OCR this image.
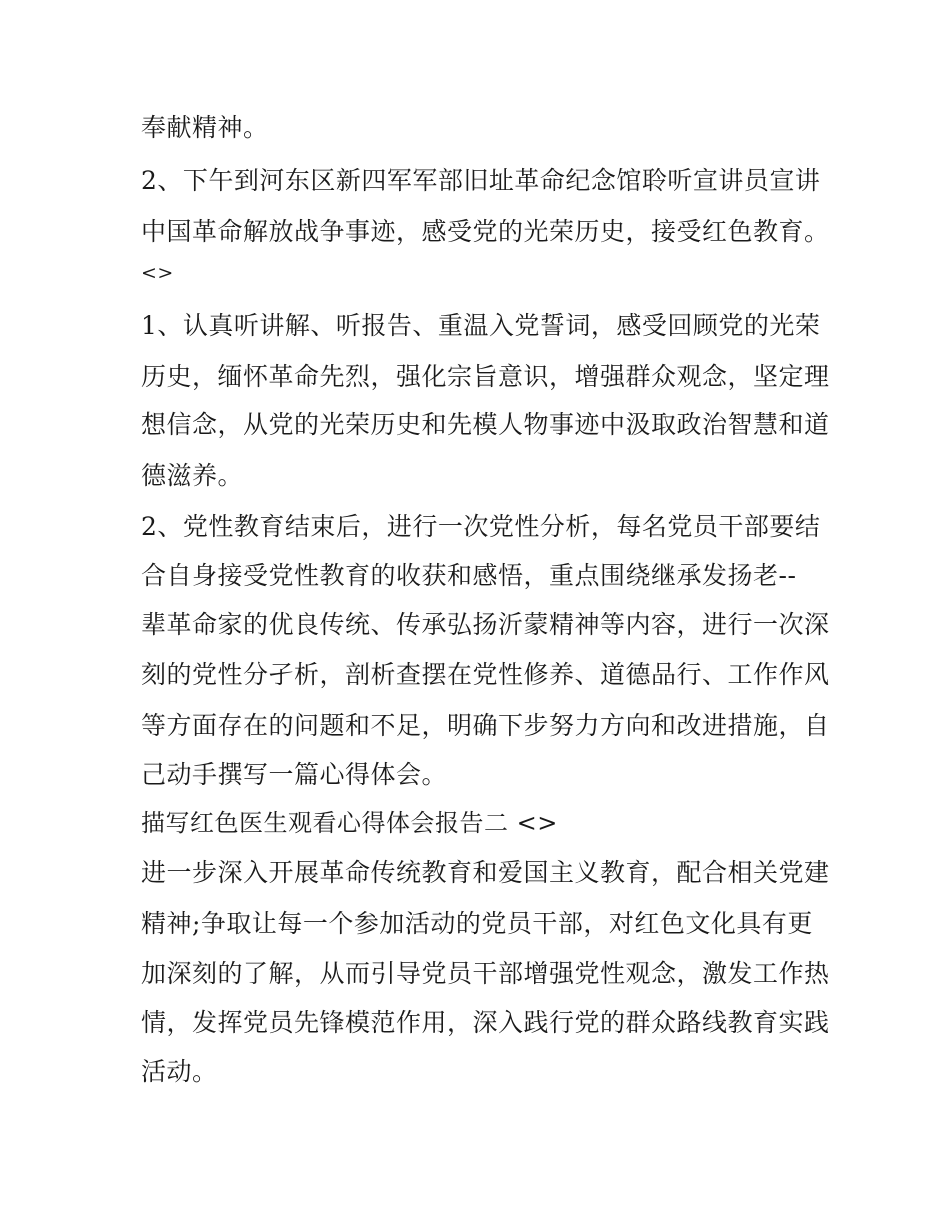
奉献精神。

2、下午到河东区新四军军部旧址革命纪念馆聆听宣讲员宣讲

中国革命解放战争事迹，感受党的光荣历史，接受红色教育。

<>

1、认真听讲解、听报告、重温入党誓词，感受回顾党的光荣

历史，缅怀革命先烈，强化宗旨意识，增强群众观念，坚定理

想信念，从党的光荣历史和先模人物事迹中汲取政治智慧和道

德滋养。

2、党性教育结束后，进行一次党性分析，每名党员干部要结

合自身接受党性教育的收获和感悟，重点围绕继承发扬老--

辈革命家的优良传统、传承弘扬沂蒙精神等内容，进行一次深

刻的党性分孑析，剖析查摆在党性修养、道德品行、工作作风

等方面存在的问题和不足，明确下步努力方向和改进措施，自

己动手撰写一篇心得体会。

描写红色医生观看心得体会报告二 <>

进一步深入开展革命传统教育和爱国主义教育，配合相关党建

精神;争取让每一个参加活动的党员干部，对红色文化具有更

加深刻的了解，从而引导党员干部增强党性观念，激发工作热

情，发挥党员先锋模范作用，深入践行党的群众路线教育实践

活动。
